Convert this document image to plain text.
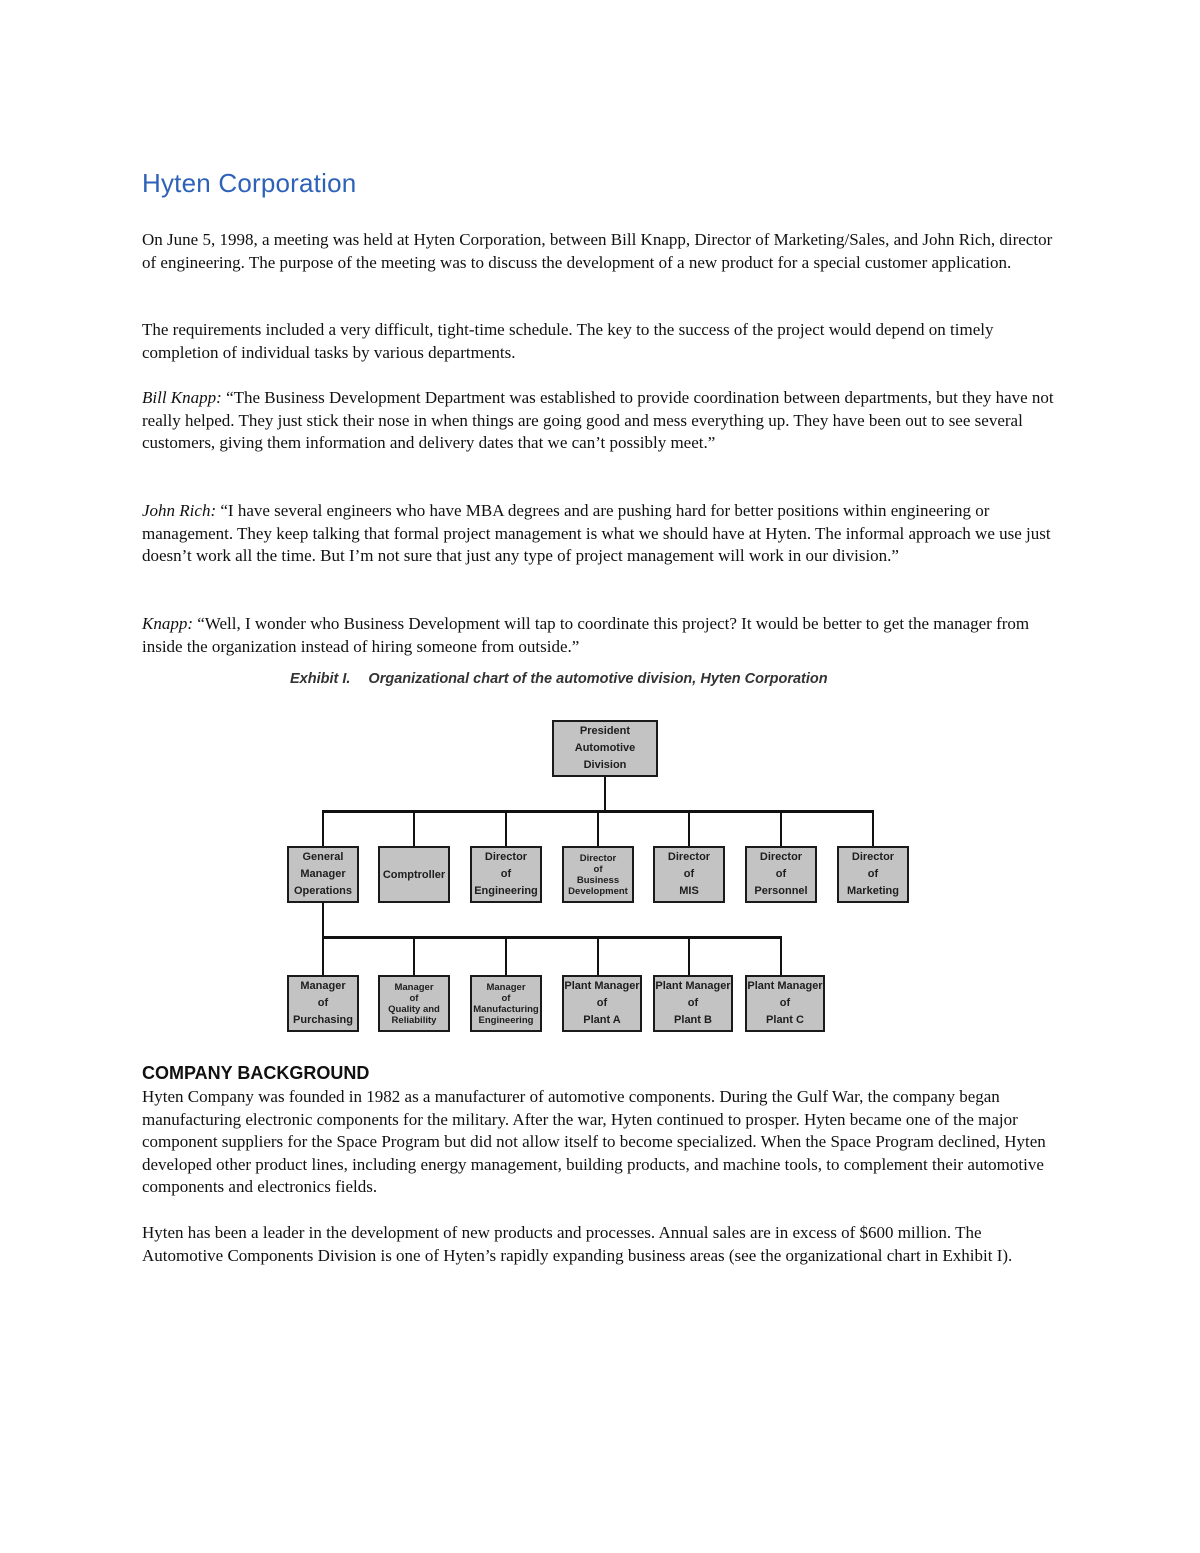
Hyten Corporation

On June 5, 1998, a meeting was held at Hyten Corporation, between Bill Knapp, Director of Marketing/Sales, and John Rich, director of engineering. The purpose of the meeting was to discuss the development of a new product for a special customer application.

The requirements included a very difficult, tight-time schedule. The key to the success of the project would depend on timely completion of individual tasks by various departments.

Bill Knapp: “The Business Development Department was established to provide coordination between departments, but they have not really helped. They just stick their nose in when things are going good and mess everything up. They have been out to see several customers, giving them information and delivery dates that we can’t possibly meet.”

John Rich: “I have several engineers who have MBA degrees and are pushing hard for better positions within engineering or management. They keep talking that formal project management is what we should have at Hyten. The informal approach we use just doesn’t work all the time. But I’m not sure that just any type of project management will work in our division.”

Knapp: “Well, I wonder who Business Development will tap to coordinate this project? It would be better to get the manager from inside the organization instead of hiring someone from outside.”

Exhibit I. Organizational chart of the automotive division, Hyten Corporation

President
Automotive
Division
General
Manager
Operations
Comptroller
Director
of
Engineering
Director
of
Business
Development
Director
of
MIS
Director
of
Personnel
Director
of
Marketing
Manager
of
Purchasing
Manager
of
Quality and
Reliability
Manager
of
Manufacturing
Engineering
Plant Manager
of
Plant A
Plant Manager
of
Plant B
Plant Manager
of
Plant C
COMPANY BACKGROUND

Hyten Company was founded in 1982 as a manufacturer of automotive components. During the Gulf War, the company began manufacturing electronic components for the military. After the war, Hyten continued to prosper. Hyten became one of the major component suppliers for the Space Program but did not allow itself to become specialized. When the Space Program declined, Hyten developed other product lines, including energy management, building products, and machine tools, to complement their automotive components and electronics fields.

Hyten has been a leader in the development of new products and processes. Annual sales are in excess of $600 million. The Automotive Components Division is one of Hyten’s rapidly expanding business areas (see the organizational chart in Exhibit I).
